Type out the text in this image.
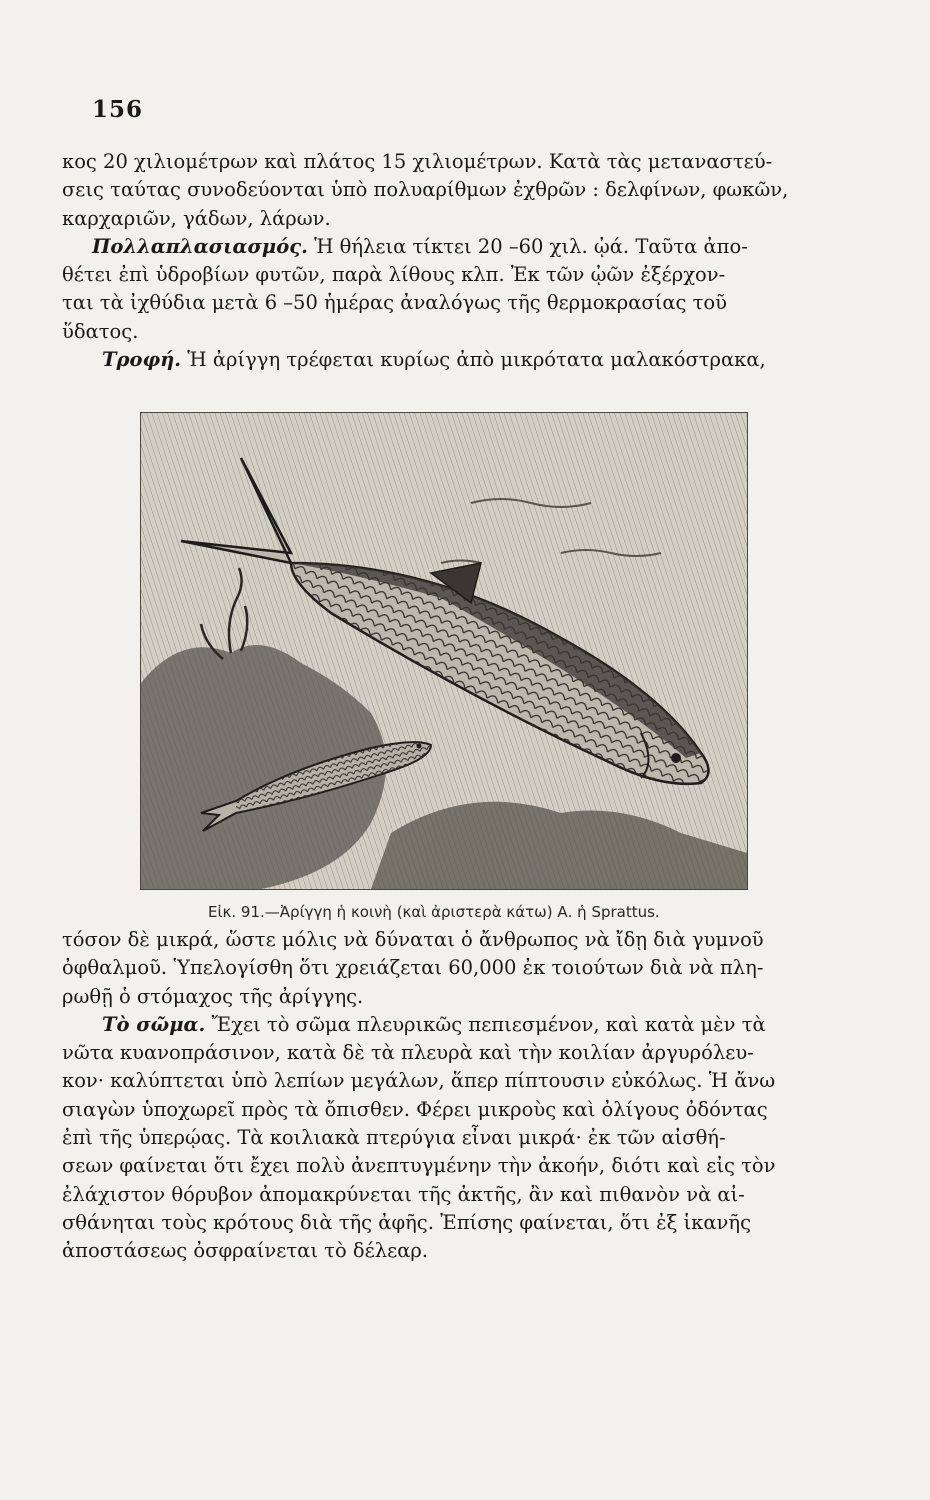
156
κος 20 χιλιομέτρων καὶ πλάτος 15 χιλιομέτρων. Κατὰ τὰς μεταναστεύ-
σεις ταύτας συνοδεύονται ὑπὸ πολυαρίθμων ἐχθρῶν : δελφίνων, φωκῶν,
καρχαριῶν, γάδων, λάρων.
Πολλαπλασιασμός. Ἡ θήλεια τίκτει 20 –60 χιλ. ᾠά. Ταῦτα ἀπο-
θέτει ἐπὶ ὑδροβίων φυτῶν, παρὰ λίθους κλπ. Ἐκ τῶν ᾠῶν ἐξέρχον-
ται τὰ ἰχθύδια μετὰ 6 –50 ἡμέρας ἀναλόγως τῆς θερμοκρασίας τοῦ
ὕδατος.
Τροφή. Ἡ ἀρίγγη τρέφεται κυρίως ἀπὸ μικρότατα μαλακόστρακα,
Εἰκ. 91.—Ἀρίγγη ἡ κοινὴ (καὶ ἀριστερὰ κάτω) Α. ἡ Sprattus.
τόσον δὲ μικρά, ὥστε μόλις νὰ δύναται ὁ ἄνθρωπος νὰ ἴδῃ διὰ γυμνοῦ
ὀφθαλμοῦ. Ὑπελογίσθη ὅτι χρειάζεται 60,000 ἐκ τοιούτων διὰ νὰ πλη-
ρωθῇ ὁ στόμαχος τῆς ἀρίγγης.
Τὸ σῶμα. Ἔχει τὸ σῶμα πλευρικῶς πεπιεσμένον, καὶ κατὰ μὲν τὰ
νῶτα κυανοπράσινον, κατὰ δὲ τὰ πλευρὰ καὶ τὴν κοιλίαν ἀργυρόλευ-
κον· καλύπτεται ὑπὸ λεπίων μεγάλων, ἅπερ πίπτουσιν εὐκόλως. Ἡ ἄνω
σιαγὼν ὑποχωρεῖ πρὸς τὰ ὄπισθεν. Φέρει μικροὺς καὶ ὀλίγους ὀδόντας
ἐπὶ τῆς ὑπερῴας. Τὰ κοιλιακὰ πτερύγια εἶναι μικρά· ἐκ τῶν αἰσθή-
σεων φαίνεται ὅτι ἔχει πολὺ ἀνεπτυγμένην τὴν ἀκοήν, διότι καὶ εἰς τὸν
ἐλάχιστον θόρυβον ἀπομακρύνεται τῆς ἀκτῆς, ἂν καὶ πιθανὸν νὰ αἰ-
σθάνηται τοὺς κρότους διὰ τῆς ἀφῆς. Ἐπίσης φαίνεται, ὅτι ἐξ ἱκανῆς
ἀποστάσεως ὀσφραίνεται τὸ δέλεαρ.
